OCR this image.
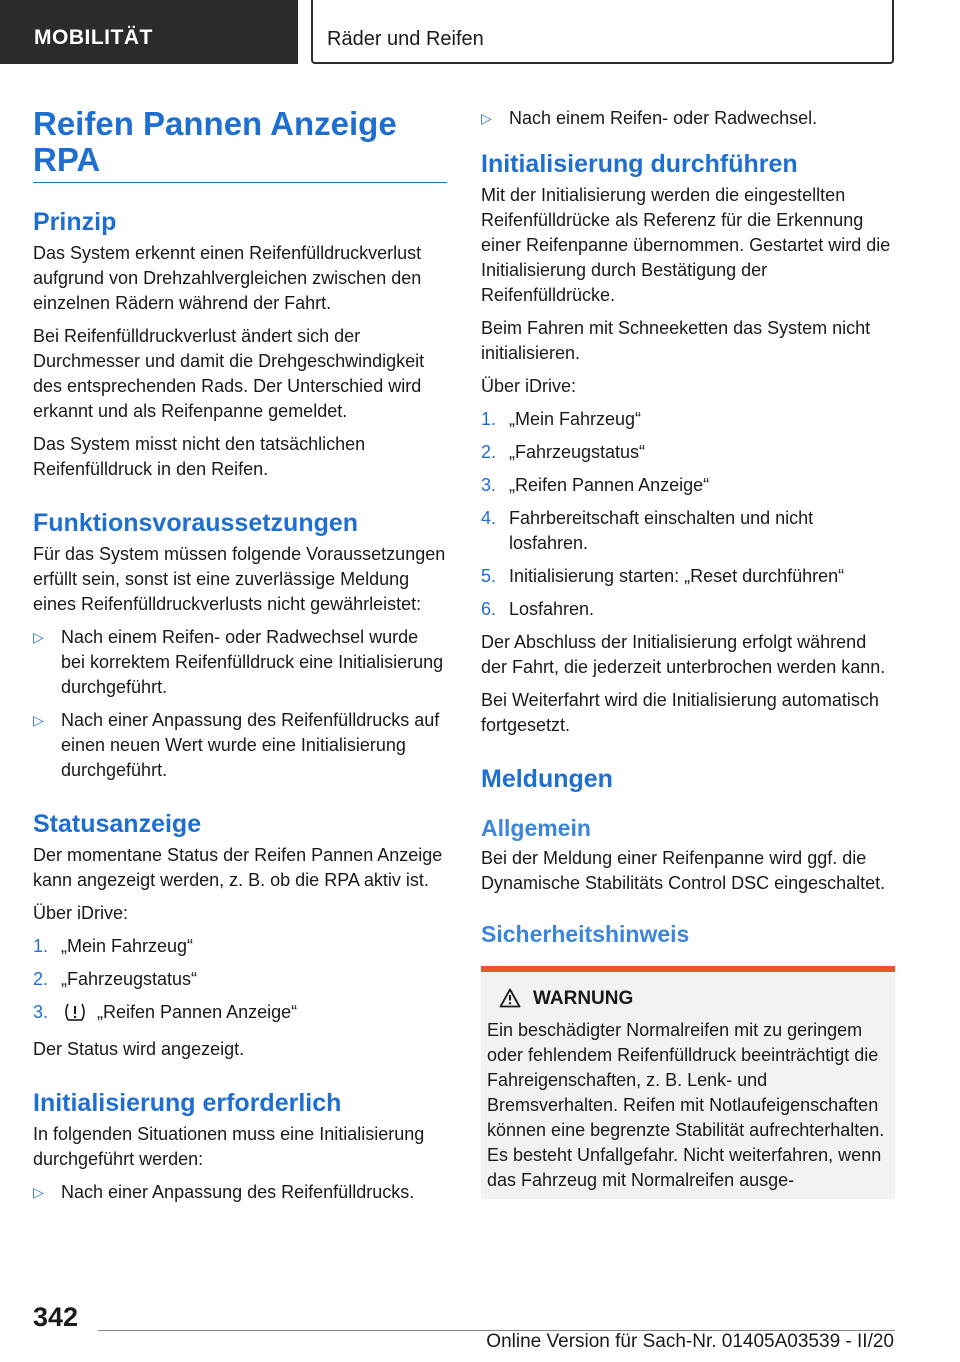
MOBILITÄT	Räder und Reifen
Reifen Pannen Anzeige RPA
Prinzip
Das System erkennt einen Reifenfülldruckverlust aufgrund von Drehzahlvergleichen zwischen den einzelnen Rädern während der Fahrt.
Bei Reifenfülldruckverlust ändert sich der Durchmesser und damit die Drehgeschwindigkeit des entsprechenden Rads. Der Unterschied wird erkannt und als Reifenpanne gemeldet.
Das System misst nicht den tatsächlichen Reifenfülldruck in den Reifen.
Funktionsvoraussetzungen
Für das System müssen folgende Voraussetzungen erfüllt sein, sonst ist eine zuverlässige Meldung eines Reifenfülldruckverlusts nicht gewährleistet:
▷ Nach einem Reifen- oder Radwechsel wurde bei korrektem Reifenfülldruck eine Initialisierung durchgeführt.
▷ Nach einer Anpassung des Reifenfülldrucks auf einen neuen Wert wurde eine Initialisierung durchgeführt.
Statusanzeige
Der momentane Status der Reifen Pannen Anzeige kann angezeigt werden, z. B. ob die RPA aktiv ist.
Über iDrive:
1. „Mein Fahrzeug“
2. „Fahrzeugstatus“
3.	„Reifen Pannen Anzeige“
Der Status wird angezeigt.
Initialisierung erforderlich
In folgenden Situationen muss eine Initialisierung durchgeführt werden:
▷ Nach einer Anpassung des Reifenfülldrucks.
▷ Nach einem Reifen- oder Radwechsel.
Initialisierung durchführen
Mit der Initialisierung werden die eingestellten Reifenfülldrücke als Referenz für die Erkennung einer Reifenpanne übernommen. Gestartet wird die Initialisierung durch Bestätigung der Reifenfülldrücke.
Beim Fahren mit Schneeketten das System nicht initialisieren.
Über iDrive:
1. „Mein Fahrzeug“
2. „Fahrzeugstatus“
3. „Reifen Pannen Anzeige“
4. Fahrbereitschaft einschalten und nicht losfahren.
5. Initialisierung starten: „Reset durchführen“
6. Losfahren.
Der Abschluss der Initialisierung erfolgt während der Fahrt, die jederzeit unterbrochen werden kann.
Bei Weiterfahrt wird die Initialisierung automatisch fortgesetzt.
Meldungen
Allgemein
Bei der Meldung einer Reifenpanne wird ggf. die Dynamische Stabilitäts Control DSC eingeschaltet.
Sicherheitshinweis
WARNUNG
Ein beschädigter Normalreifen mit zu geringem oder fehlendem Reifenfülldruck beeinträchtigt die Fahreigenschaften, z. B. Lenk- und Bremsverhalten. Reifen mit Notlaufeigenschaften können eine begrenzte Stabilität aufrechterhalten. Es besteht Unfallgefahr. Nicht weiterfahren, wenn das Fahrzeug mit Normalreifen ausge-
342
Online Version für Sach-Nr. 01405A03539 - II/20
